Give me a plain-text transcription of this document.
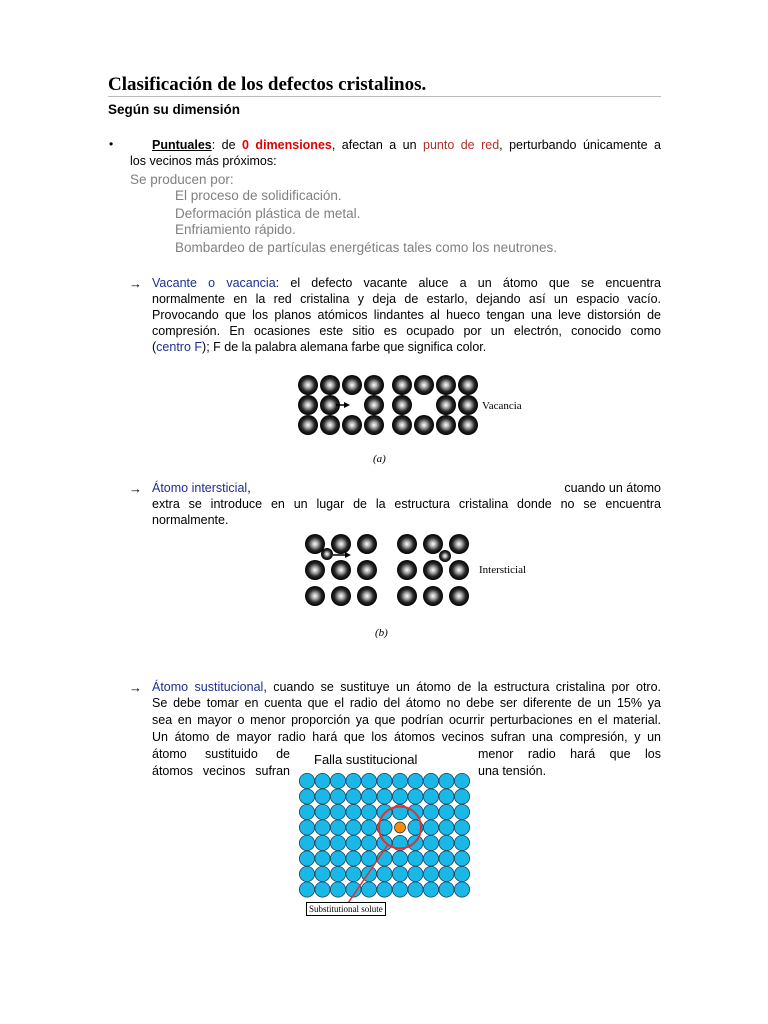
Clasificación de los defectos cristalinos.
Según su dimensión
•	Puntuales: de 0 dimensiones, afectan a un punto de red, perturbando únicamente a
los vecinos más próximos:
Se producen por:
El proceso de solidificación.
Deformación plástica de metal.
Enfriamiento rápido.
Bombardeo de partículas energéticas tales como los neutrones.
→ Vacante o vacancia: el defecto vacante aluce a un átomo que se encuentra
normalmente en la red cristalina y deja de estarlo, dejando así un espacio vacío.
Provocando que los planos atómicos lindantes al hueco tengan una leve distorsión de
compresión. En ocasiones este sitio es ocupado por un electrón, conocido como
(centro F); F de la palabra alemana farbe que significa color.
Vacancia
(a)
→ Átomo intersticial,	cuando un átomo
extra se introduce en un lugar de la estructura cristalina donde no se encuentra
normalmente.
Intersticial
(b)
→ Átomo sustitucional, cuando se sustituye un átomo de la estructura cristalina por otro.
Se debe tomar en cuenta que el radio del átomo no debe ser diferente de un 15% ya
sea en mayor o menor proporción ya que podrían ocurrir perturbaciones en el material.
Un átomo de mayor radio hará que los átomos vecinos sufran una compresión, y un
átomo sustituido de	menor radio hará que los
átomos vecinos sufran	una tensión.
Falla sustitucional
Substitutional solute
